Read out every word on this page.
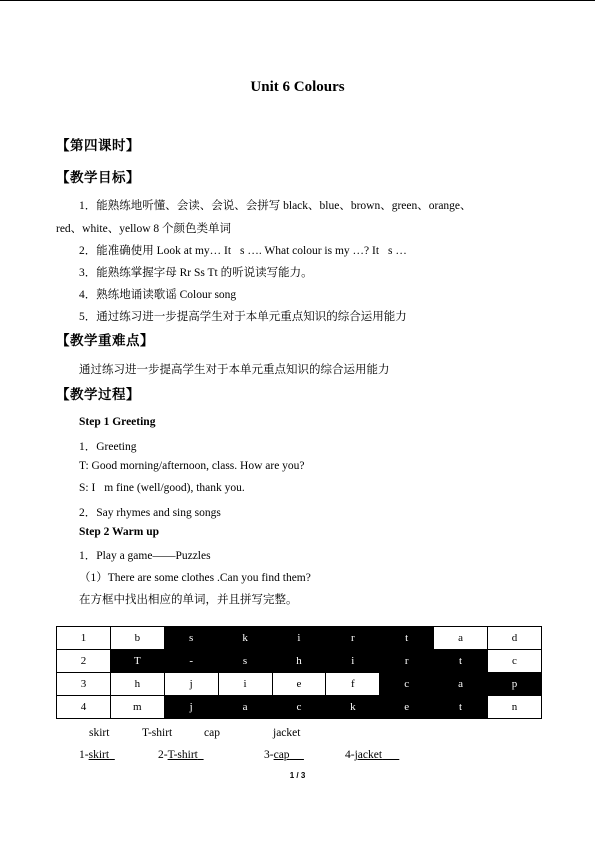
Unit 6 Colours
【第四课时】
【教学目标】
1．能熟练地听懂、会读、会说、会拼写 black、blue、brown、green、orange、
red、white、yellow 8 个颜色类单词
2．能准确使用 Look at my… It s …. What colour is my …? It s …
3．能熟练掌握字母 Rr Ss Tt 的听说读写能力。
4．熟练地诵读歌谣 Colour song
5．通过练习进一步提高学生对于本单元重点知识的综合运用能力
【教学重难点】
通过练习进一步提高学生对于本单元重点知识的综合运用能力
【教学过程】
Step 1 Greeting
1．Greeting
T: Good morning/afternoon, class. How are you?
S: I m fine (well/good), thank you.
2．Say rhymes and sing songs
Step 2 Warm up
1．Play a game——Puzzles
（1）There are some clothes .Can you find them?
在方框中找出相应的单词，并且拼写完整。
1	b	s	k	i	r	t	a	d
2	T	-	s	h	i	r	t	c
3	h	j	i	e	f	c	a	p
4	m	j	a	c	k	e	t	n
skirt	T-shirt	cap	jacket
1-skirt	2-T-shirt	3-cap	4-jacket
1 / 3
